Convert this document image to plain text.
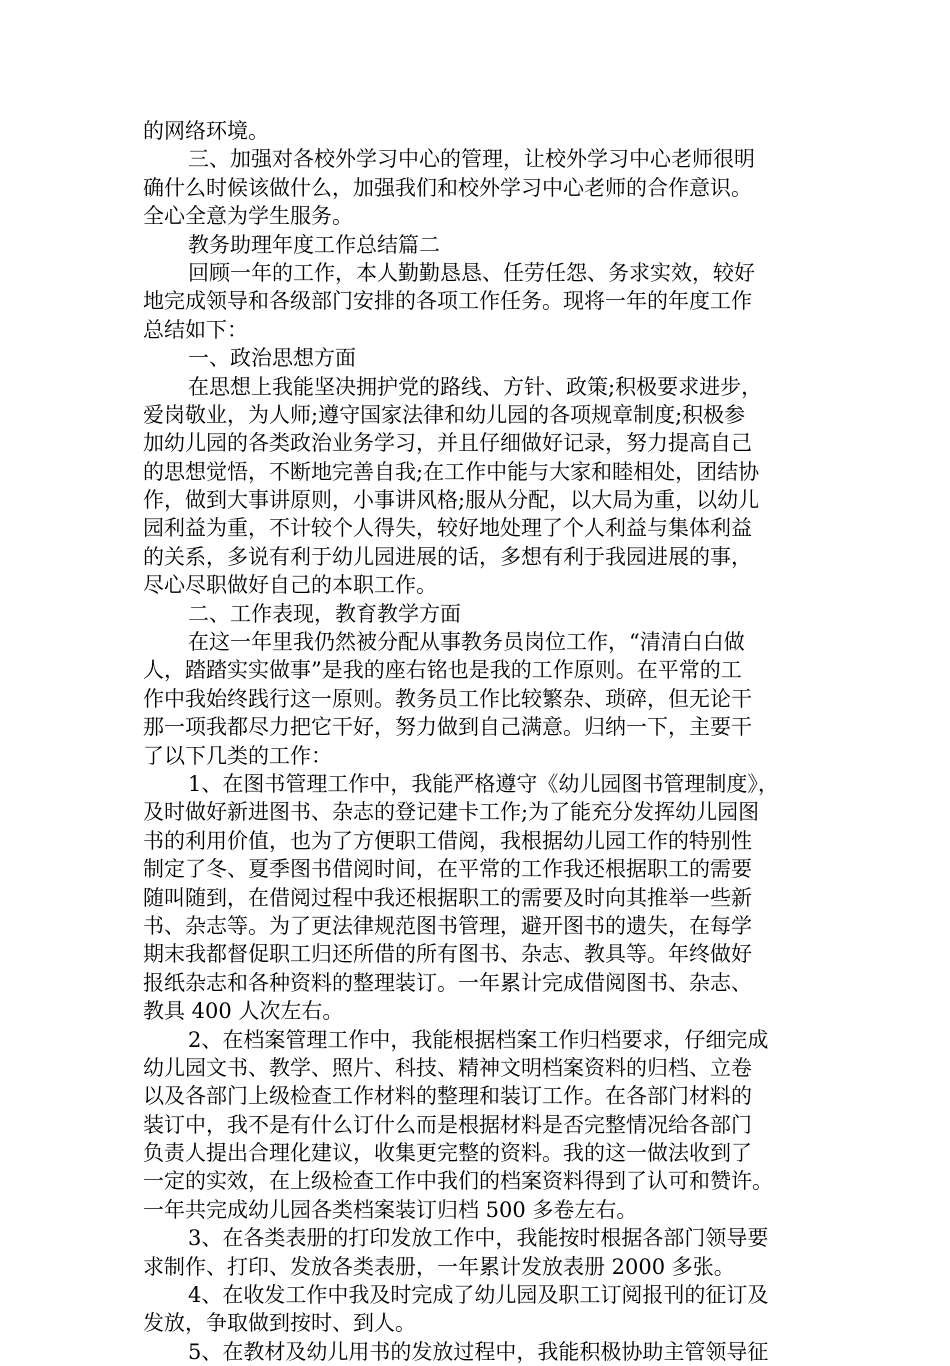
的网络环境。
三、加强对各校外学习中心的管理，让校外学习中心老师很明
确什么时候该做什么，加强我们和校外学习中心老师的合作意识。
全心全意为学生服务。
教务助理年度工作总结篇二
回顾一年的工作，本人勤勤恳恳、任劳任怨、务求实效，较好
地完成领导和各级部门安排的各项工作任务。现将一年的年度工作
总结如下：
一、政治思想方面
在思想上我能坚决拥护党的路线、方针、政策;积极要求进步，
爱岗敬业，为人师;遵守国家法律和幼儿园的各项规章制度;积极参
加幼儿园的各类政治业务学习，并且仔细做好记录，努力提高自己
的思想觉悟，不断地完善自我;在工作中能与大家和睦相处，团结协
作，做到大事讲原则，小事讲风格;服从分配，以大局为重，以幼儿
园利益为重，不计较个人得失，较好地处理了个人利益与集体利益
的关系，多说有利于幼儿园进展的话，多想有利于我园进展的事，
尽心尽职做好自己的本职工作。
二、工作表现，教育教学方面
在这一年里我仍然被分配从事教务员岗位工作，“清清白白做
人，踏踏实实做事”是我的座右铭也是我的工作原则。在平常的工
作中我始终践行这一原则。教务员工作比较繁杂、琐碎，但无论干
那一项我都尽力把它干好，努力做到自己满意。归纳一下，主要干
了以下几类的工作：
1、在图书管理工作中，我能严格遵守《幼儿园图书管理制度》，
及时做好新进图书、杂志的登记建卡工作;为了能充分发挥幼儿园图
书的利用价值，也为了方便职工借阅，我根据幼儿园工作的特别性
制定了冬、夏季图书借阅时间，在平常的工作我还根据职工的需要
随叫随到，在借阅过程中我还根据职工的需要及时向其推举一些新
书、杂志等。为了更法律规范图书管理，避开图书的遗失，在每学
期末我都督促职工归还所借的所有图书、杂志、教具等。年终做好
报纸杂志和各种资料的整理装订。一年累计完成借阅图书、杂志、
教具 400 人次左右。
2、在档案管理工作中，我能根据档案工作归档要求，仔细完成
幼儿园文书、教学、照片、科技、精神文明档案资料的归档、立卷
以及各部门上级检查工作材料的整理和装订工作。在各部门材料的
装订中，我不是有什么订什么而是根据材料是否完整情况给各部门
负责人提出合理化建议，收集更完整的资料。我的这一做法收到了
一定的实效，在上级检查工作中我们的档案资料得到了认可和赞许。
一年共完成幼儿园各类档案装订归档 500 多卷左右。
3、在各类表册的打印发放工作中，我能按时根据各部门领导要
求制作、打印、发放各类表册，一年累计发放表册 2000 多张。
4、在收发工作中我及时完成了幼儿园及职工订阅报刊的征订及
发放，争取做到按时、到人。
5、在教材及幼儿用书的发放过程中，我能积极协助主管领导征
